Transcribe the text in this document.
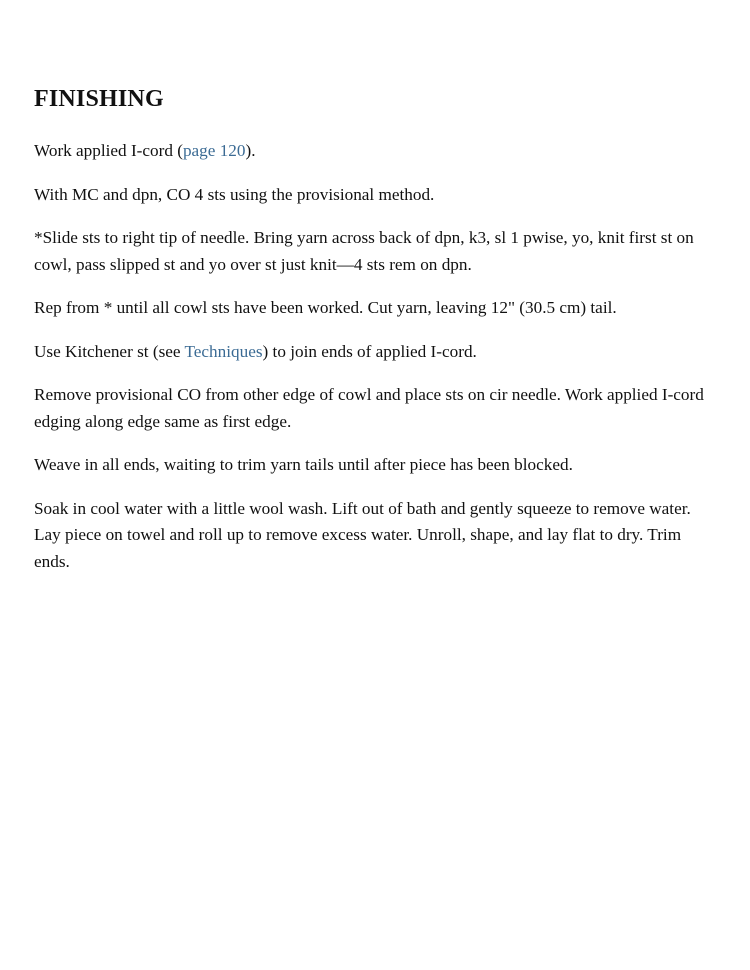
FINISHING

Work applied I-cord (page 120).

With MC and dpn, CO 4 sts using the provisional method.

*Slide sts to right tip of needle. Bring yarn across back of dpn, k3, sl 1 pwise, yo, knit first st on cowl, pass slipped st and yo over st just knit—4 sts rem on dpn.

Rep from * until all cowl sts have been worked. Cut yarn, leaving 12" (30.5 cm) tail.

Use Kitchener st (see Techniques) to join ends of applied I-cord.

Remove provisional CO from other edge of cowl and place sts on cir needle. Work applied I-cord edging along edge same as first edge.

Weave in all ends, waiting to trim yarn tails until after piece has been blocked.

Soak in cool water with a little wool wash. Lift out of bath and gently squeeze to remove water. Lay piece on towel and roll up to remove excess water. Unroll, shape, and lay flat to dry. Trim ends.
